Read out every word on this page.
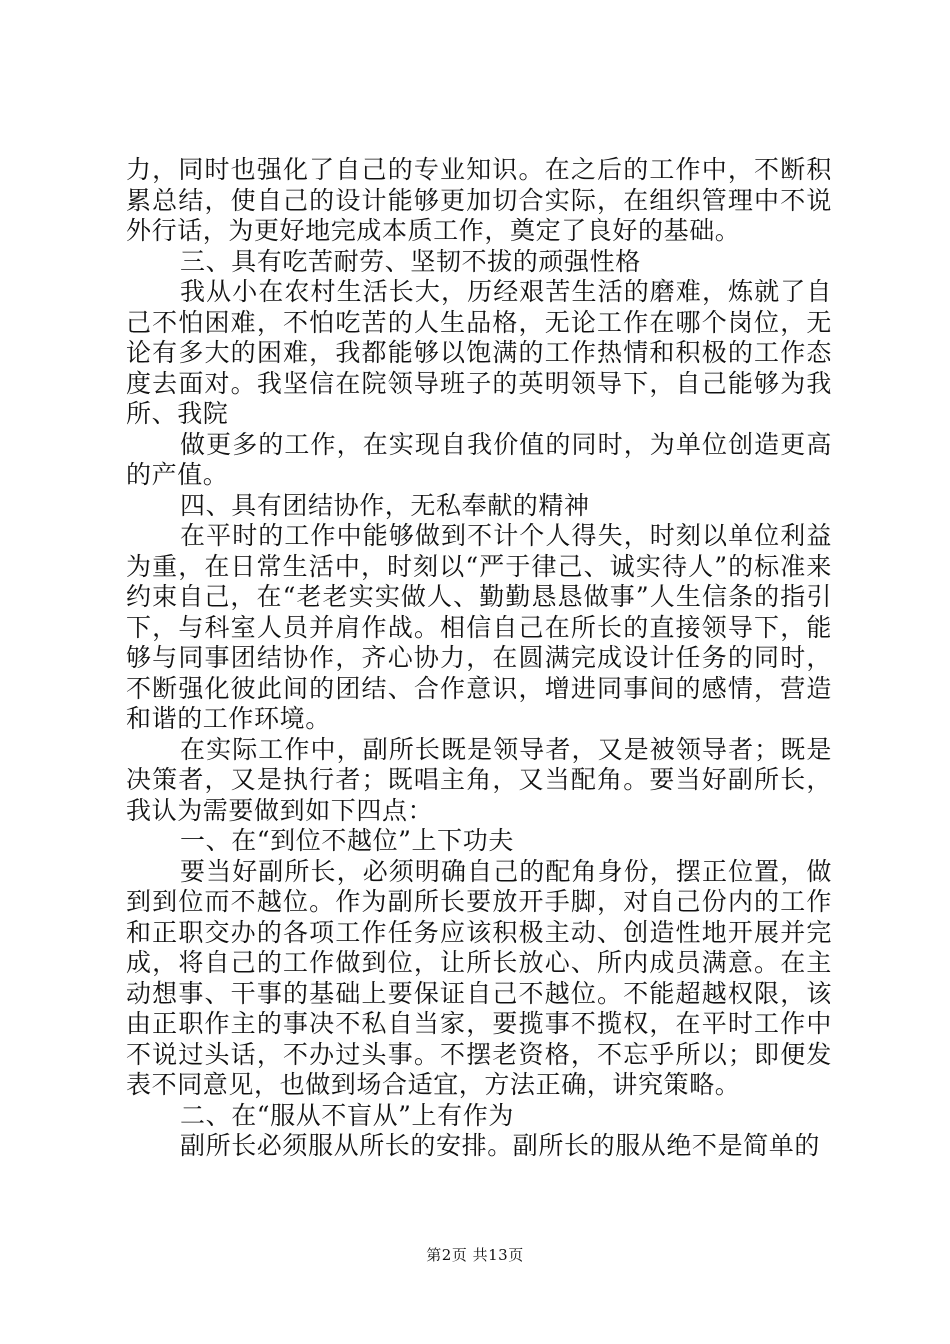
力，同时也强化了自己的专业知识。在之后的工作中，不断积累总结，使自己的设计能够更加切合实际，在组织管理中不说外行话，为更好地完成本质工作，奠定了良好的基础。

三、具有吃苦耐劳、坚韧不拔的顽强性格

我从小在农村生活长大，历经艰苦生活的磨难，炼就了自己不怕困难，不怕吃苦的人生品格，无论工作在哪个岗位，无论有多大的困难，我都能够以饱满的工作热情和积极的工作态度去面对。我坚信在院领导班子的英明领导下，自己能够为我所、我院

做更多的工作，在实现自我价值的同时，为单位创造更高的产值。

四、具有团结协作，无私奉献的精神

在平时的工作中能够做到不计个人得失，时刻以单位利益为重，在日常生活中，时刻以“严于律己、诚实待人”的标准来约束自己，在“老老实实做人、勤勤恳恳做事”人生信条的指引下，与科室人员并肩作战。相信自己在所长的直接领导下，能够与同事团结协作，齐心协力，在圆满完成设计任务的同时，不断强化彼此间的团结、合作意识，增进同事间的感情，营造和谐的工作环境。

在实际工作中，副所长既是领导者，又是被领导者；既是决策者，又是执行者；既唱主角，又当配角。要当好副所长，我认为需要做到如下四点：

一、在“到位不越位”上下功夫

要当好副所长，必须明确自己的配角身份，摆正位置，做到到位而不越位。作为副所长要放开手脚，对自己份内的工作和正职交办的各项工作任务应该积极主动、创造性地开展并完成，将自己的工作做到位，让所长放心、所内成员满意。在主动想事、干事的基础上要保证自己不越位。不能超越权限，该由正职作主的事决不私自当家，要揽事不揽权，在平时工作中不说过头话，不办过头事。不摆老资格，不忘乎所以；即便发表不同意见，也做到场合适宜，方法正确，讲究策略。

二、在“服从不盲从”上有作为

副所长必须服从所长的安排。副所长的服从绝不是简单的

第2页 共13页
